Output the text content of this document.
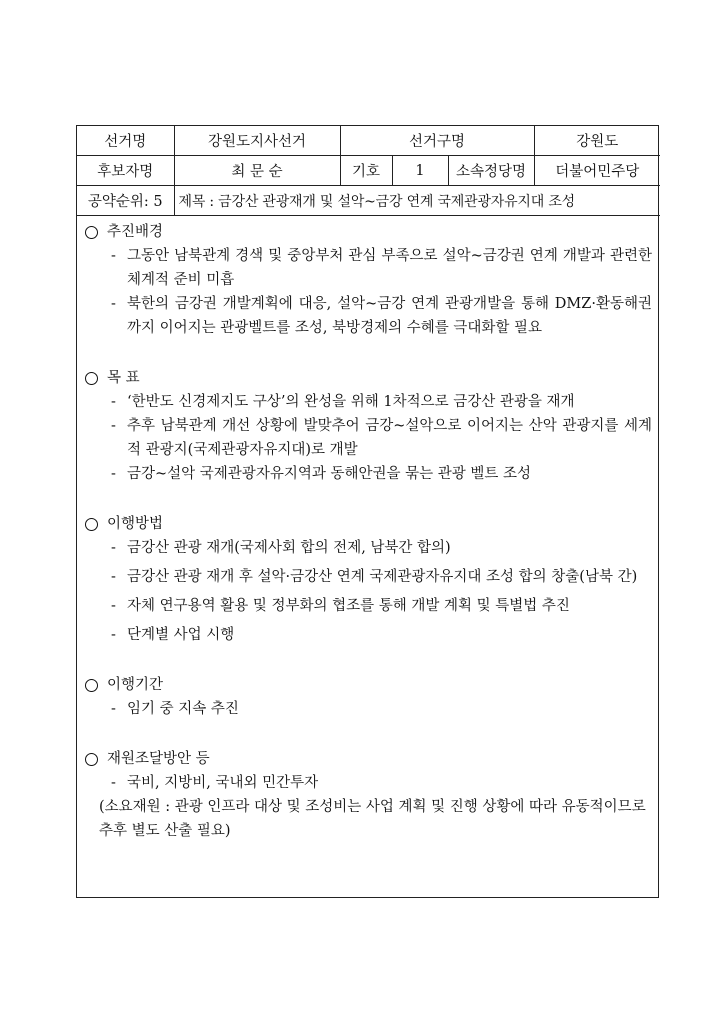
선거명	강원도지사선거	선거구명			강원도
후보자명	최 문 순	기호	1	소속정당명	더불어민주당
공약순위: 5	제목 : 금강산 관광재개 및 설악~금강 연계 국제관광자유지대 조성				
추진배경
- 그동안 남북관계 경색 및 중앙부처 관심 부족으로 설악~금강권 연계 개발과 관련한 체계적 준비 미흡
- 북한의 금강권 개발계획에 대응, 설악~금강 연계 관광개발을 통해 DMZ·환동해권까지 이어지는 관광벨트를 조성, 북방경제의 수혜를 극대화할 필요
목 표
- ‘한반도 신경제지도 구상’의 완성을 위해 1차적으로 금강산 관광을 재개
- 추후 남북관계 개선 상황에 발맞추어 금강~설악으로 이어지는 산악 관광지를 세계적 관광지(국제관광자유지대)로 개발
- 금강~설악 국제관광자유지역과 동해안권을 묶는 관광 벨트 조성
이행방법
- 금강산 관광 재개(국제사회 합의 전제, 남북간 합의)
- 금강산 관광 재개 후 설악·금강산 연계 국제관광자유지대 조성 합의 창출(남북 간)
- 자체 연구용역 활용 및 정부화의 협조를 통해 개발 계획 및 특별법 추진
- 단계별 사업 시행
이행기간
- 임기 중 지속 추진
재원조달방안 등
- 국비, 지방비, 국내외 민간투자
(소요재원 : 관광 인프라 대상 및 조성비는 사업 계획 및 진행 상황에 따라 유동적이므로 추후 별도 산출 필요)
